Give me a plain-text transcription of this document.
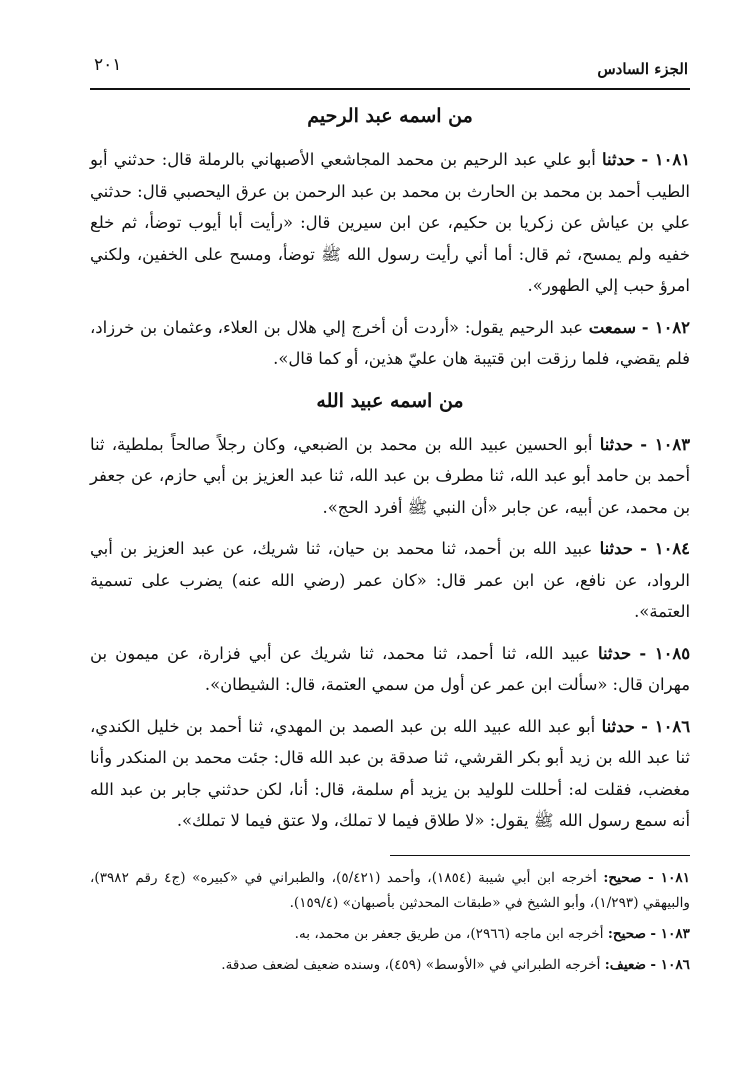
الجزء السادس
٢٠١
من اسمه عبد الرحيم

١٠٨١ - حدثنا أبو علي عبد الرحيم بن محمد المجاشعي الأصبهاني بالرملة قال: حدثني أبو الطيب أحمد بن محمد بن الحارث بن محمد بن عبد الرحمن بن عرق اليحصبي قال: حدثني علي بن عياش عن زكريا بن حكيم، عن ابن سيرين قال: «رأيت أبا أيوب توضأ، ثم خلع خفيه ولم يمسح، ثم قال: أما أني رأيت رسول الله ﷺ توضأ، ومسح على الخفين، ولكني امرؤ حبب إلي الطهور».

١٠٨٢ - سمعت عبد الرحيم يقول: «أردت أن أخرج إلي هلال بن العلاء، وعثمان بن خرزاد، فلم يقضي، فلما رزقت ابن قتيبة هان عليّ هذين، أو كما قال».

من اسمه عبيد الله

١٠٨٣ - حدثنا أبو الحسين عبيد الله بن محمد بن الضبعي، وكان رجلاً صالحاً بملطية، ثنا أحمد بن حامد أبو عبد الله، ثنا مطرف بن عبد الله، ثنا عبد العزيز بن أبي حازم، عن جعفر بن محمد، عن أبيه، عن جابر «أن النبي ﷺ أفرد الحج».

١٠٨٤ - حدثنا عبيد الله بن أحمد، ثنا محمد بن حيان، ثنا شريك، عن عبد العزيز بن أبي الرواد، عن نافع، عن ابن عمر قال: «كان عمر (رضي الله عنه) يضرب على تسمية العتمة».

١٠٨٥ - حدثنا عبيد الله، ثنا أحمد، ثنا محمد، ثنا شريك عن أبي فزارة، عن ميمون بن مهران قال: «سألت ابن عمر عن أول من سمي العتمة، قال: الشيطان».

١٠٨٦ - حدثنا أبو عبد الله عبيد الله بن عبد الصمد بن المهدي، ثنا أحمد بن خليل الكندي، ثنا عبد الله بن زيد أبو بكر القرشي، ثنا صدقة بن عبد الله قال: جئت محمد بن المنكدر وأنا مغضب، فقلت له: أحللت للوليد بن يزيد أم سلمة، قال: أنا، لكن حدثني جابر بن عبد الله أنه سمع رسول الله ﷺ يقول: «لا طلاق فيما لا تملك، ولا عتق فيما لا تملك».

١٠٨١ - صحيح: أخرجه ابن أبي شيبة (١٨٥٤)، وأحمد (٥/٤٢١)، والطبراني في «كبيره» (ج٤ رقم ٣٩٨٢)، والبيهقي (١/٢٩٣)، وأبو الشيخ في «طبقات المحدثين بأصبهان» (١٥٩/٤).

١٠٨٣ - صحيح: أخرجه ابن ماجه (٢٩٦٦)، من طريق جعفر بن محمد، به.

١٠٨٦ - ضعيف: أخرجه الطبراني في «الأوسط» (٤٥٩)، وسنده ضعيف لضعف صدقة.
